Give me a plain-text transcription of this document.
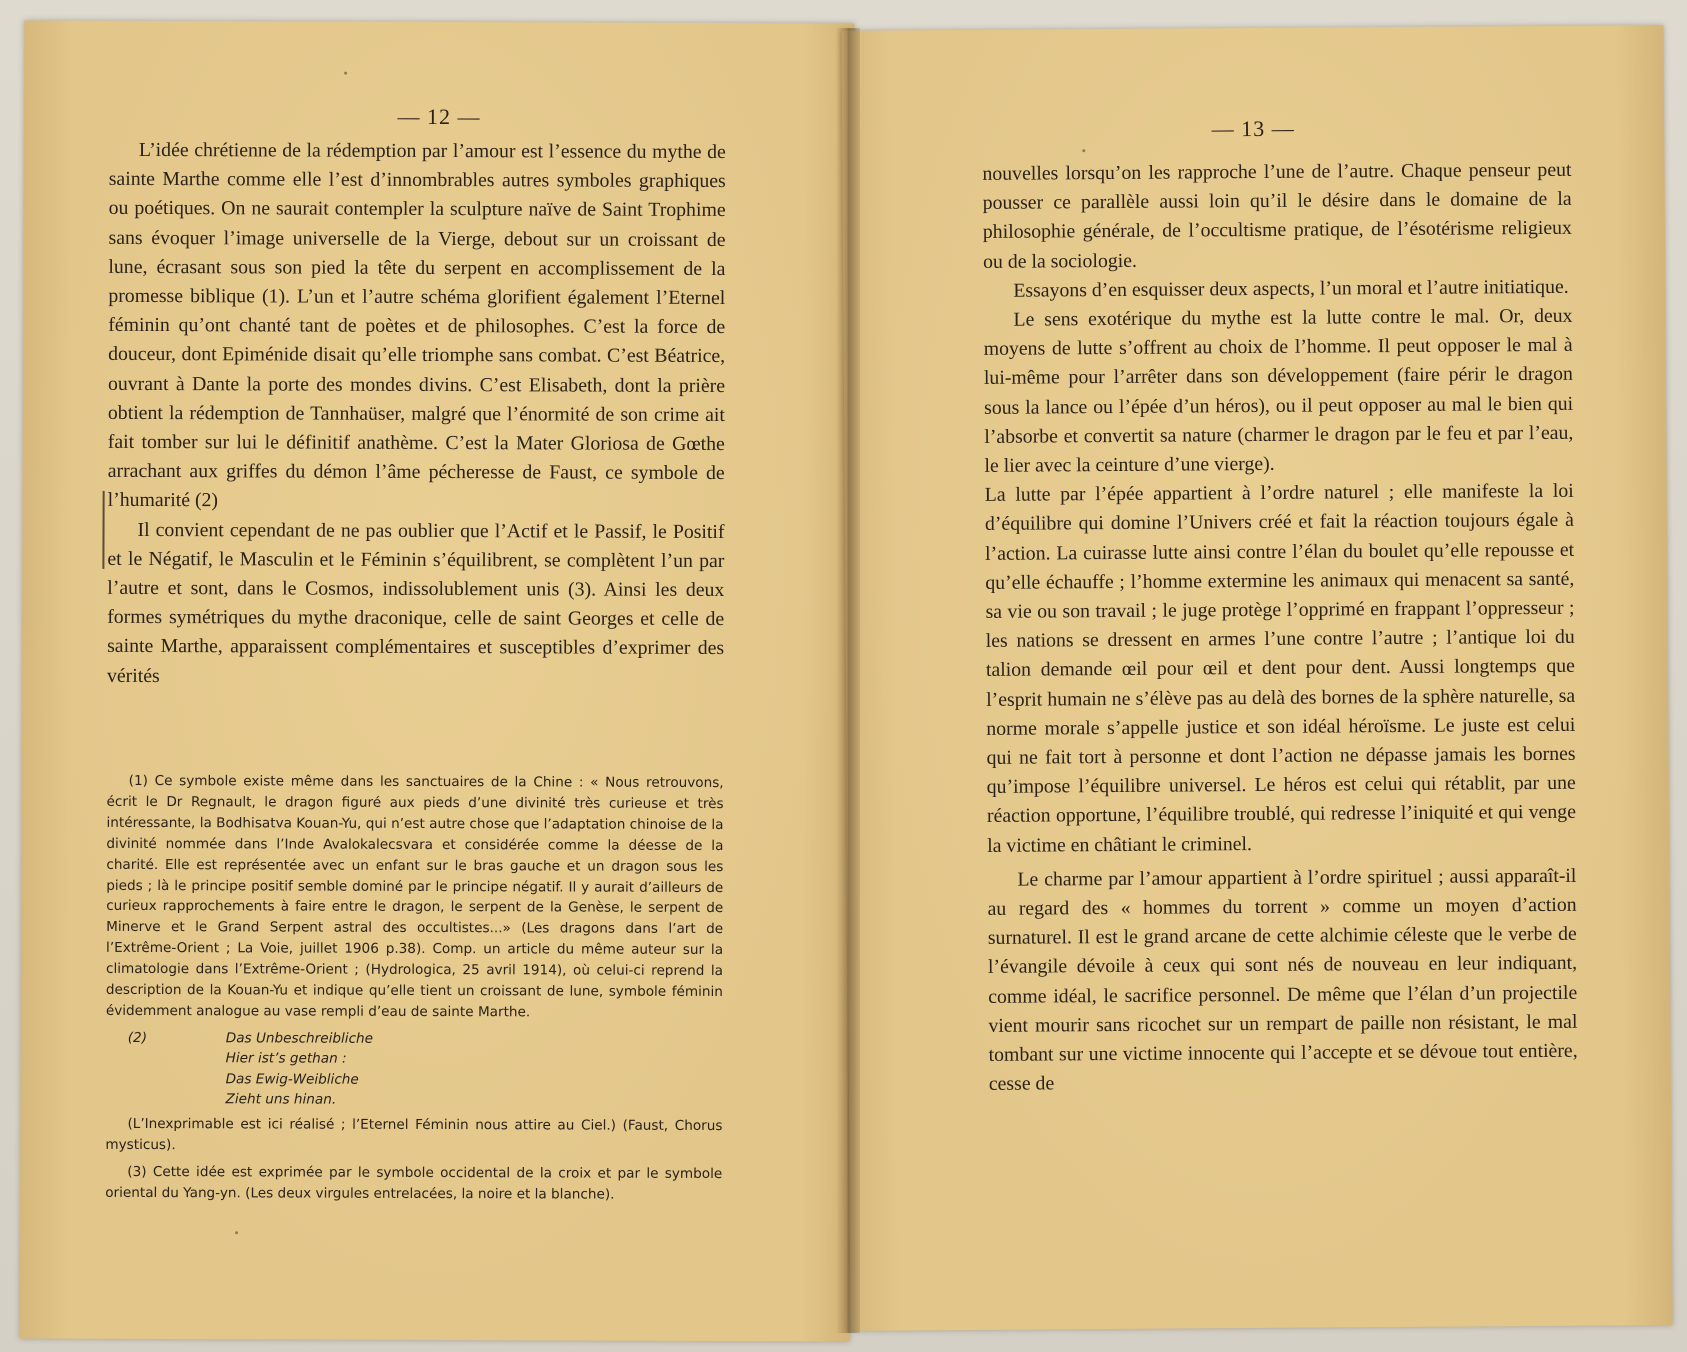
— 12 —

L’idée chrétienne de la rédemption par l’amour est l’essence du mythe de sainte Marthe comme elle l’est d’innombrables autres symboles graphiques ou poétiques. On ne saurait contempler la sculpture naïve de Saint Trophime sans évoquer l’image universelle de la Vierge, debout sur un croissant de lune, écrasant sous son pied la tête du serpent en accomplissement de la promesse biblique (1). L’un et l’autre schéma glorifient également l’Eternel féminin qu’ont chanté tant de poètes et de philosophes. C’est la force de douceur, dont Epiménide disait qu’elle triomphe sans combat. C’est Béatrice, ouvrant à Dante la porte des mondes divins. C’est Elisabeth, dont la prière obtient la rédemption de Tannhaüser, malgré que l’énormité de son crime ait fait tomber sur lui le définitif anathème. C’est la Mater Gloriosa de Gœthe arrachant aux griffes du démon l’âme pécheresse de Faust, ce symbole de l’humarité (2)

Il convient cependant de ne pas oublier que l’Actif et le Passif, le Positif et le Négatif, le Masculin et le Féminin s’équilibrent, se complètent l’un par l’autre et sont, dans le Cosmos, indissolublement unis (3). Ainsi les deux formes symétriques du mythe draconique, celle de saint Georges et celle de sainte Marthe, apparaissent complémentaires et susceptibles d’exprimer des vérités

(1) Ce symbole existe même dans les sanctuaires de la Chine : « Nous retrouvons, écrit le Dr Regnault, le dragon figuré aux pieds d’une divinité très curieuse et très intéressante, la Bodhisatva Kouan-Yu, qui n’est autre chose que l’adaptation chinoise de la divinité nommée dans l’Inde Avalokalecsvara et considérée comme la déesse de la charité. Elle est représentée avec un enfant sur le bras gauche et un dragon sous les pieds ; là le principe positif semble dominé par le principe négatif. Il y aurait d’ailleurs de curieux rapprochements à faire entre le dragon, le serpent de la Genèse, le serpent de Minerve et le Grand Serpent astral des occultistes...» (Les dragons dans l’art de l’Extrême-Orient ; La Voie, juillet 1906 p.38). Comp. un article du même auteur sur la climatologie dans l’Extrême-Orient ; (Hydrologica, 25 avril 1914), où celui-ci reprend la description de la Kouan-Yu et indique qu’elle tient un croissant de lune, symbole féminin évidemment analogue au vase rempli d’eau de sainte Marthe.

(2)	Das Unbeschreibliche
Hier ist’s gethan :
Das Ewig-Weibliche
Zieht uns hinan.

(L’Inexprimable est ici réalisé ; l’Eternel Féminin nous attire au Ciel.) (Faust, Chorus mysticus).

(3) Cette idée est exprimée par le symbole occidental de la croix et par le symbole oriental du Yang-yn. (Les deux virgules entrelacées, la noire et la blanche).

— 13 —

nouvelles lorsqu’on les rapproche l’une de l’autre. Chaque penseur peut pousser ce parallèle aussi loin qu’il le désire dans le domaine de la philosophie générale, de l’occultisme pratique, de l’ésotérisme religieux ou de la sociologie.

Essayons d’en esquisser deux aspects, l’un moral et l’autre initiatique.

Le sens exotérique du mythe est la lutte contre le mal. Or, deux moyens de lutte s’offrent au choix de l’homme. Il peut opposer le mal à lui-même pour l’arrêter dans son développement (faire périr le dragon sous la lance ou l’épée d’un héros), ou il peut opposer au mal le bien qui l’absorbe et convertit sa nature (charmer le dragon par le feu et par l’eau, le lier avec la ceinture d’une vierge).

La lutte par l’épée appartient à l’ordre naturel ; elle manifeste la loi d’équilibre qui domine l’Univers créé et fait la réaction toujours égale à l’action. La cuirasse lutte ainsi contre l’élan du boulet qu’elle repousse et qu’elle échauffe ; l’homme extermine les animaux qui menacent sa santé, sa vie ou son travail ; le juge protège l’opprimé en frappant l’oppresseur ; les nations se dressent en armes l’une contre l’autre ; l’antique loi du talion demande œil pour œil et dent pour dent. Aussi longtemps que l’esprit humain ne s’élève pas au delà des bornes de la sphère naturelle, sa norme morale s’appelle justice et son idéal héroïsme. Le juste est celui qui ne fait tort à personne et dont l’action ne dépasse jamais les bornes qu’impose l’équilibre universel. Le héros est celui qui rétablit, par une réaction opportune, l’équilibre troublé, qui redresse l’iniquité et qui venge la victime en châtiant le criminel.

Le charme par l’amour appartient à l’ordre spirituel ; aussi apparaît-il au regard des « hommes du torrent » comme un moyen d’action surnaturel. Il est le grand arcane de cette alchimie céleste que le verbe de l’évangile dévoile à ceux qui sont nés de nouveau en leur indiquant, comme idéal, le sacrifice personnel. De même que l’élan d’un projectile vient mourir sans ricochet sur un rempart de paille non résistant, le mal tombant sur une victime innocente qui l’accepte et se dévoue tout entière, cesse de
